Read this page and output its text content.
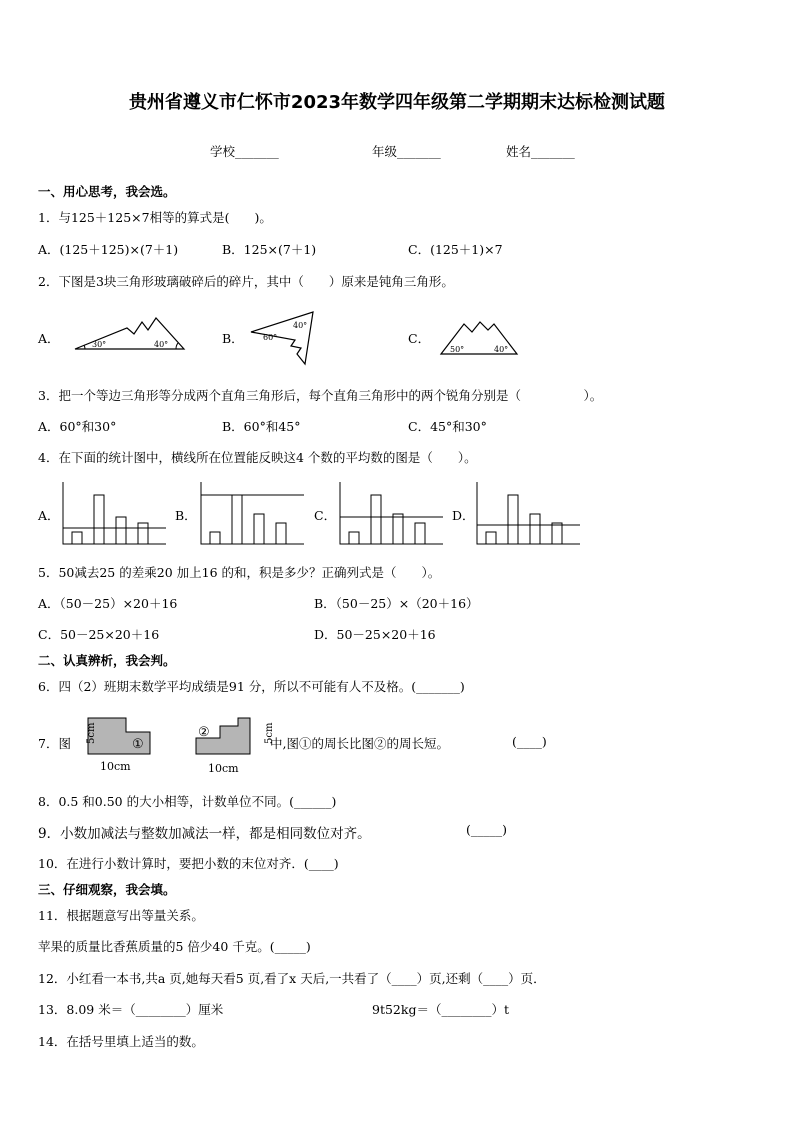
贵州省遵义市仁怀市2023年数学四年级第二学期期末达标检测试题
学校_______	年级_______	姓名_______
一、用心思考，我会选。
1．与125＋125×7相等的算式是(　　)。
A．(125＋125)×(7＋1)	B．125×(7＋1)	C．(125＋1)×7
2．下图是3块三角形玻璃破碎后的碎片，其中（　　）原来是钝角三角形。
A．	30°	40°	B． 60°
40°
C．
50°	40°
3．把一个等边三角形等分成两个直角三角形后，每个直角三角形中的两个锐角分别是（　　　　　）。
A．60°和30°	B．60°和45°	C．45°和30°
4．在下面的统计图中，横线所在位置能反映这4 个数的平均数的图是（　　）。
A．	B．	C．	D．
5．50减去25 的差乘20 加上16 的和，积是多少？正确列式是（　　）。
A．（50－25）×20＋16	B．（50－25）×（20＋16）
C．50－25×20＋16	D．50－25×20＋16
二、认真辨析，我会判。
6．四（2）班期末数学平均成绩是91 分，所以不可能有人不及格。(_______)
7．图 5cm
①
10cm
②	5cm
10cm
中,图①的周长比图②的周长短。	(____)
8．0.5 和0.50 的大小相等，计数单位不同。(______)
9．小数加减法与整数加减法一样，都是相同数位对齐。	(_____)
10．在进行小数计算时，要把小数的末位对齐．(____)
三、仔细观察，我会填。
11．根据题意写出等量关系。
苹果的质量比香蕉质量的5 倍少40 千克。(_____)
12．小红看一本书,共a 页,她每天看5 页,看了x 天后,一共看了（____）页,还剩（____）页．
13．8.09 米＝（________）厘米	9t52kg＝（________）t
14．在括号里填上适当的数。
